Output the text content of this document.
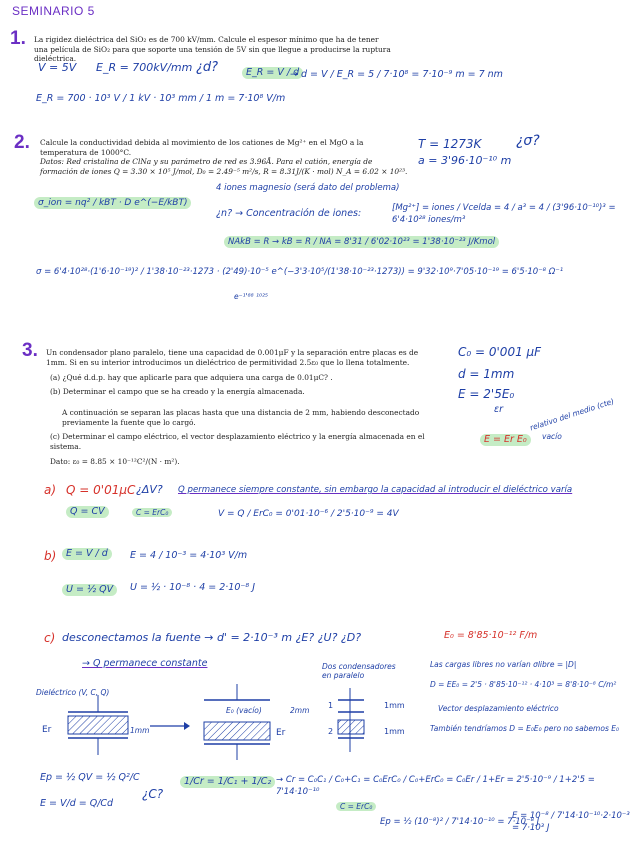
SEMINARIO 5
1. La rigidez dieléctrica del SiO₂ es de 700 kV/mm. Calcule el espesor mínimo que ha de tener una película de SiO₂ para que soporte una tensión de 5V sin que llegue a producirse la ruptura dieléctrica.
V = 5V E_R = 700kV/mm ¿d?	E_R = V / d
→ d = V / E_R = 5 / 7·10⁸ = 7·10⁻⁹ m = 7 nm
E_R = 700 · 10³ V / 1 kV · 10³ mm / 1 m = 7·10⁸ V/m
2. Calcule la conductividad debida al movimiento de los cationes de Mg²⁺ en el MgO a la temperatura de 1000°C.
Datos: Red cristalina de ClNa y su parámetro de red es 3.96Å. Para el catión, energía de formación de iones Q = 3.30 × 10⁵ J/mol, D₀ = 2.49⁻⁵ m²/s, R = 8.31J/(K · mol) N_A = 6.02 × 10²³.
T = 1273K ¿σ?
a = 3'96·10⁻¹⁰ m
4 iones magnesio (será dato del problema)
σ_ion = nq² / kBT · D e^(−E/kBT)
¿n? → Concentración de iones:	[Mg²⁺] = iones / Vcelda = 4 / a³ = 4 / (3'96·10⁻¹⁰)³ = 6'4·10²⁸ iones/m³
NAkB = R → kB = R / NA = 8'31 / 6'02·10²³ = 1'38·10⁻²³ J/Kmol
σ = 6'4·10²⁸·(1'6·10⁻¹⁹)² / 1'38·10⁻²³·1273 · (2'49)·10⁻⁵ e^(−3'3·10⁵/(1'38·10⁻²³·1273)) = 9'32·10⁹·7'05·10⁻¹⁹ = 6'5·10⁻⁸ Ω⁻¹
e⁻¹'⁸⁸ ¹⁰²⁵
3. Un condensador plano paralelo, tiene una capacidad de 0.001μF y la separación entre placas es de 1mm. Si en su interior introducimos un dieléctrico de permitividad 2.5ε₀ que lo llena totalmente.
(a) ¿Qué d.d.p. hay que aplicarle para que adquiera una carga de 0.01μC? .
(b) Determinar el campo que se ha creado y la energía almacenada.
A continuación se separan las placas hasta que una distancia de 2 mm, habiendo desconectado previamente la fuente que lo cargó.
(c) Determinar el campo eléctrico, el vector desplazamiento eléctrico y la energía almacenada en el sistema.
Dato: ε₀ = 8.85 × 10⁻¹²C²/(N · m²).
C₀ = 0'001 μF
d = 1mm
E = 2'5E₀
εr	relativo del medio (cte)
E = Er E₀	vacío
a) Q = 0'01μC ¿ΔV? Q permanece siempre constante, sin embargo la capacidad al introducir el dieléctrico varía
Q = CV	C = ErC₀	V = Q / ErC₀ = 0'01·10⁻⁶ / 2'5·10⁻⁹ = 4V
b)	E = V / d
U = ½ QV
E = 4 / 10⁻³ = 4·10³ V/m
U = ½ · 10⁻⁸ · 4 = 2·10⁻⁸ J
c) desconectamos la fuente → d' = 2·10⁻³ m ¿E? ¿U? ¿D?	E₀ = 8'85·10⁻¹² F/m
→ Q permanece constante
Dieléctrico (V, C, Q)
E₀ (vacío)
Dos condensadores en paralelo
1mm
2mm
Er	Er
1
2
1mm
1mm
Las cargas libres no varían σlibre = |D|
D = EE₀ = 2'5 · 8'85·10⁻¹² · 4·10³ = 8'8·10⁻⁸ C/m²
Vector desplazamiento eléctrico
También tendríamos D = E₀E₀ pero no sabemos E₀
Ep = ½ QV = ½ Q²/C
E = V/d = Q/Cd
¿C?
1/Cr = 1/C₁ + 1/C₂ → Cr = C₀C₁ / C₀+C₁ = C₀ErC₀ / C₀+ErC₀ = C₀Er / 1+Er = 2'5·10⁻⁹ / 1+2'5 = 7'14·10⁻¹⁰
C = ErC₀
Ep = ½ (10⁻⁸)² / 7'14·10⁻¹⁰ = 7·10⁻⁸ J
E = 10⁻⁸ / 7'14·10⁻¹⁰·2·10⁻³ = 7·10³ J
